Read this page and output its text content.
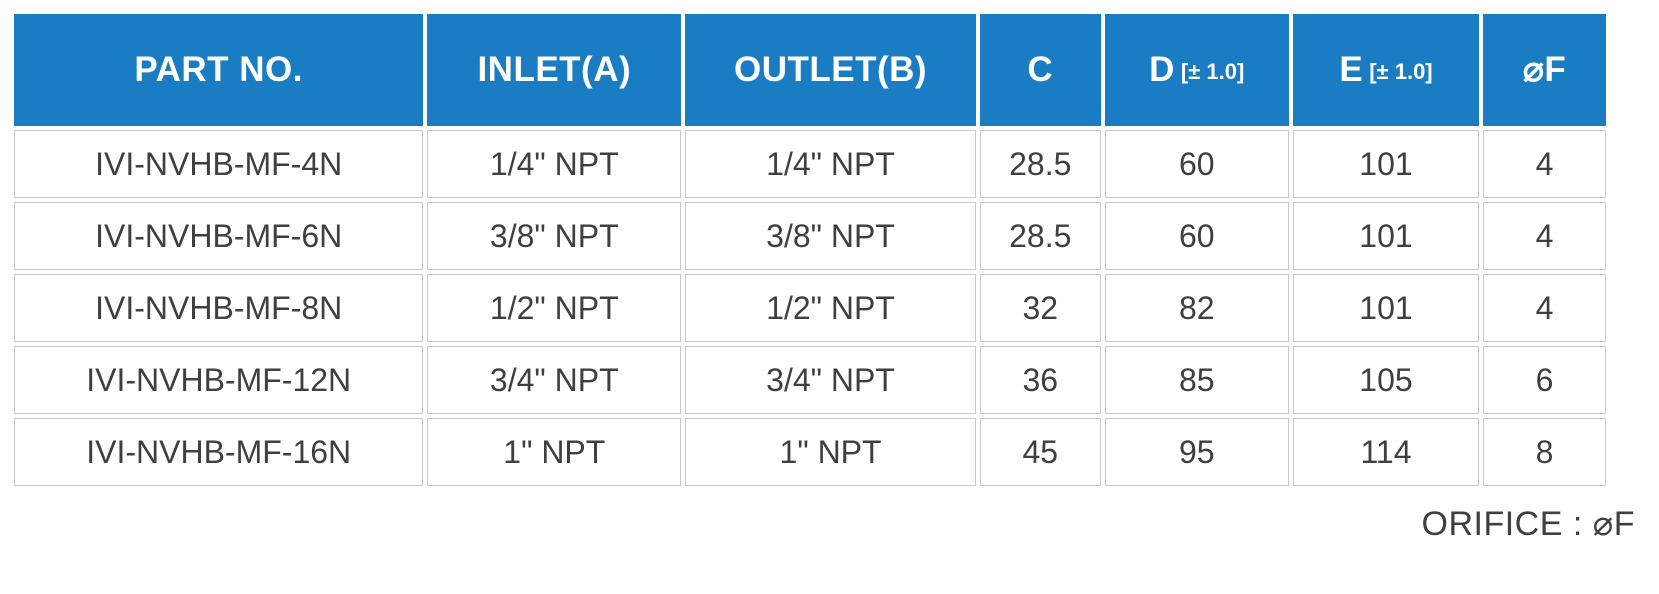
PART NO.	INLET(A)	OUTLET(B)	C	D [± 1.0]	E [± 1.0]	⌀F
IVI-NVHB-MF-4N	1/4" NPT	1/4" NPT	28.5	60	101	4
IVI-NVHB-MF-6N	3/8" NPT	3/8" NPT	28.5	60	101	4
IVI-NVHB-MF-8N	1/2" NPT	1/2" NPT	32	82	101	4
IVI-NVHB-MF-12N	3/4" NPT	3/4" NPT	36	85	105	6
IVI-NVHB-MF-16N	1" NPT	1" NPT	45	95	114	8
ORIFICE : ⌀F
